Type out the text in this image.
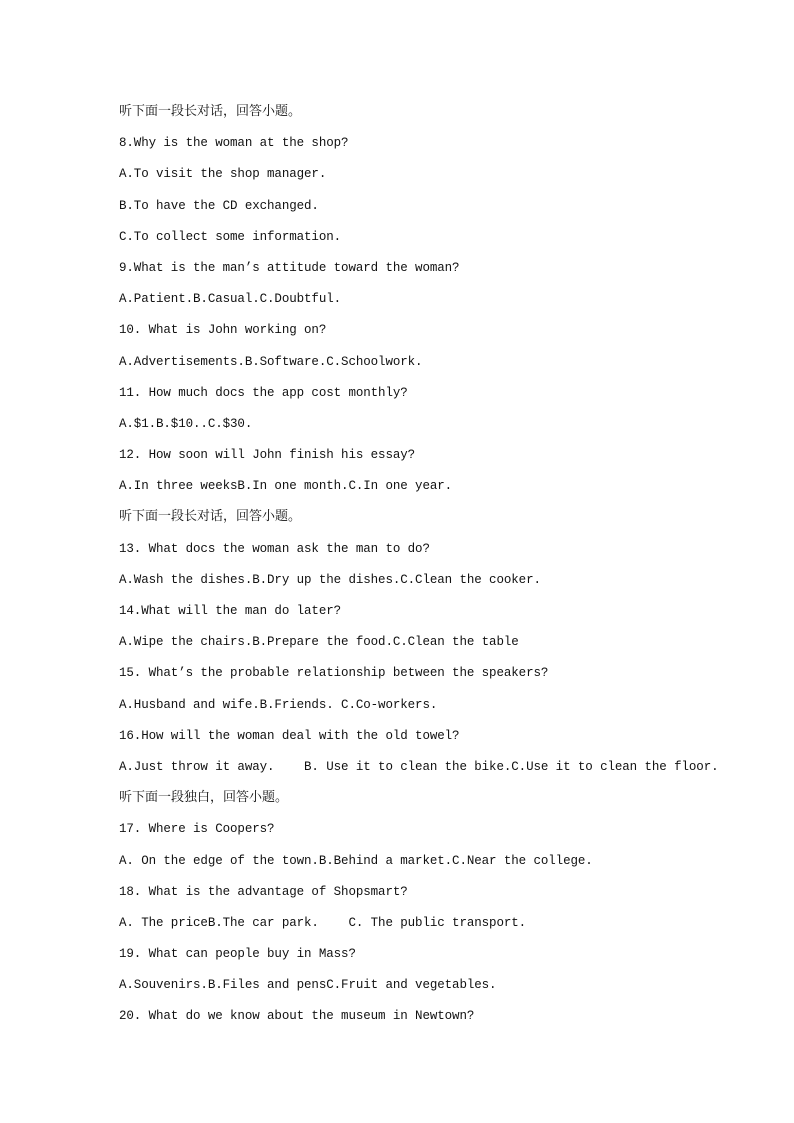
听下面一段长对话，回答小题。
8.Why is the woman at the shop?
A.To visit the shop manager.
B.To have the CD exchanged.
C.To collect some information.
9.What is the man’s attitude toward the woman?
A.Patient.B.Casual.C.Doubtful.
10. What is John working on?
A.Advertisements.B.Software.C.Schoolwork.
11. How much docs the app cost monthly?
A.$1.B.$10..C.$30.
12. How soon will John finish his essay?
A.In three weeksB.In one month.C.In one year.
听下面一段长对话，回答小题。
13. What docs the woman ask the man to do?
A.Wash the dishes.B.Dry up the dishes.C.Clean the cooker.
14.What will the man do later?
A.Wipe the chairs.B.Prepare the food.C.Clean the table
15. What’s the probable relationship between the speakers?
A.Husband and wife.B.Friends. C.Co-workers.
16.How will the woman deal with the old towel?
A.Just throw it away.    B. Use it to clean the bike.C.Use it to clean the floor.
听下面一段独白，回答小题。
17. Where is Coopers?
A. On the edge of the town.B.Behind a market.C.Near the college.
18. What is the advantage of Shopsmart?
A. The priceB.The car park.    C. The public transport.
19. What can people buy in Mass?
A.Souvenirs.B.Files and pensC.Fruit and vegetables.
20. What do we know about the museum in Newtown?
